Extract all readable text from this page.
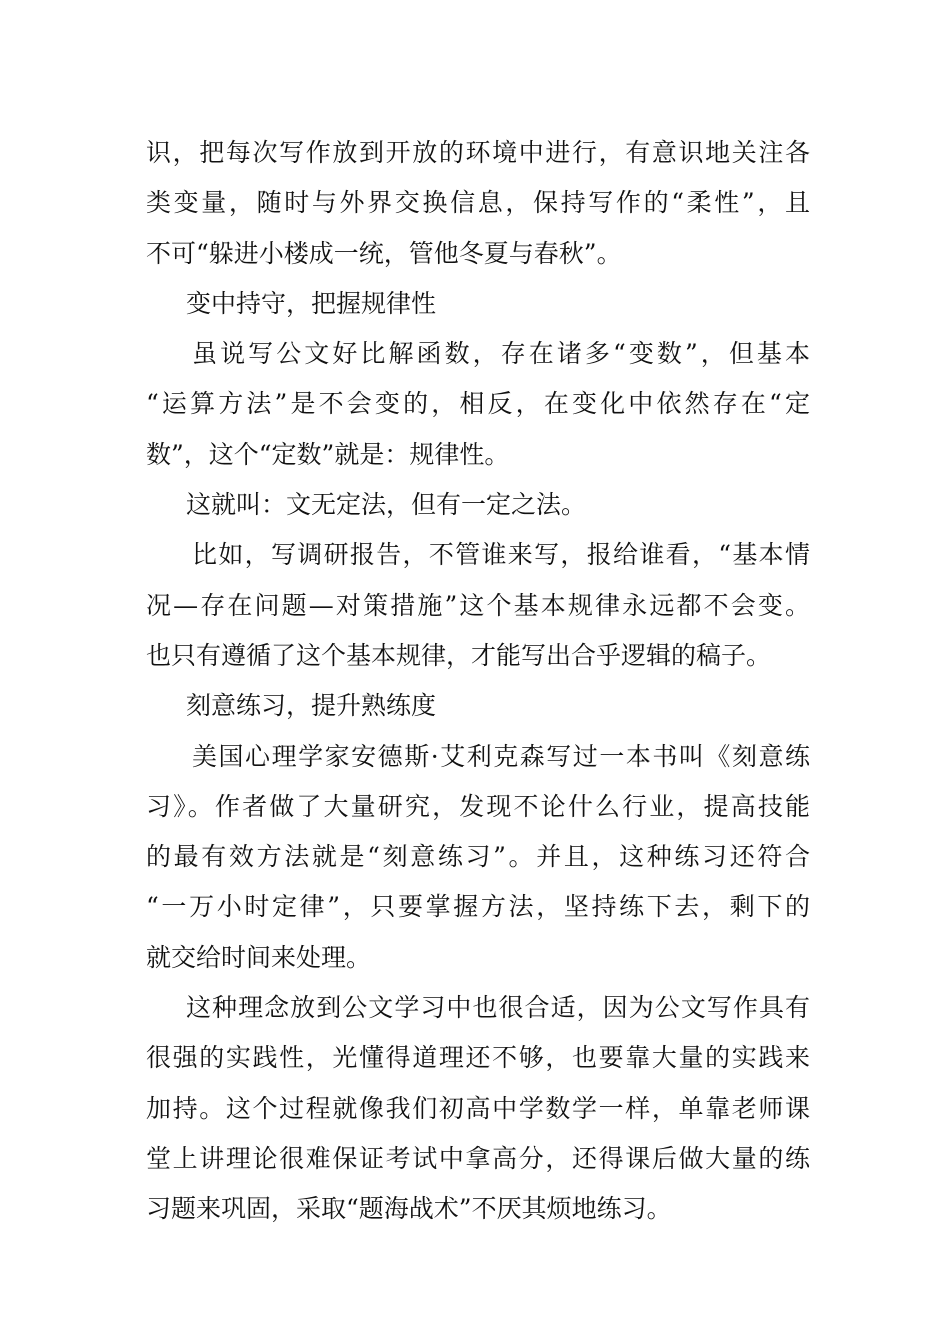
识，把每次写作放到开放的环境中进行，有意识地关注各
类变量，随时与外界交换信息，保持写作的“柔性”，且
不可“躲进小楼成一统，管他冬夏与春秋”。
变中持守，把握规律性
虽说写公文好比解函数，存在诸多“变数”，但基本
“运算方法”是不会变的，相反，在变化中依然存在“定
数”，这个“定数”就是：规律性。
这就叫：文无定法，但有一定之法。
比如，写调研报告，不管谁来写，报给谁看，“基本情
况—存在问题—对策措施”这个基本规律永远都不会变。
也只有遵循了这个基本规律，才能写出合乎逻辑的稿子。
刻意练习，提升熟练度
美国心理学家安德斯·艾利克森写过一本书叫《刻意练
习》。作者做了大量研究，发现不论什么行业，提高技能
的最有效方法就是“刻意练习”。并且，这种练习还符合
“一万小时定律”，只要掌握方法，坚持练下去，剩下的
就交给时间来处理。
这种理念放到公文学习中也很合适，因为公文写作具有
很强的实践性，光懂得道理还不够，也要靠大量的实践来
加持。这个过程就像我们初高中学数学一样，单靠老师课
堂上讲理论很难保证考试中拿高分，还得课后做大量的练
习题来巩固，采取“题海战术”不厌其烦地练习。
